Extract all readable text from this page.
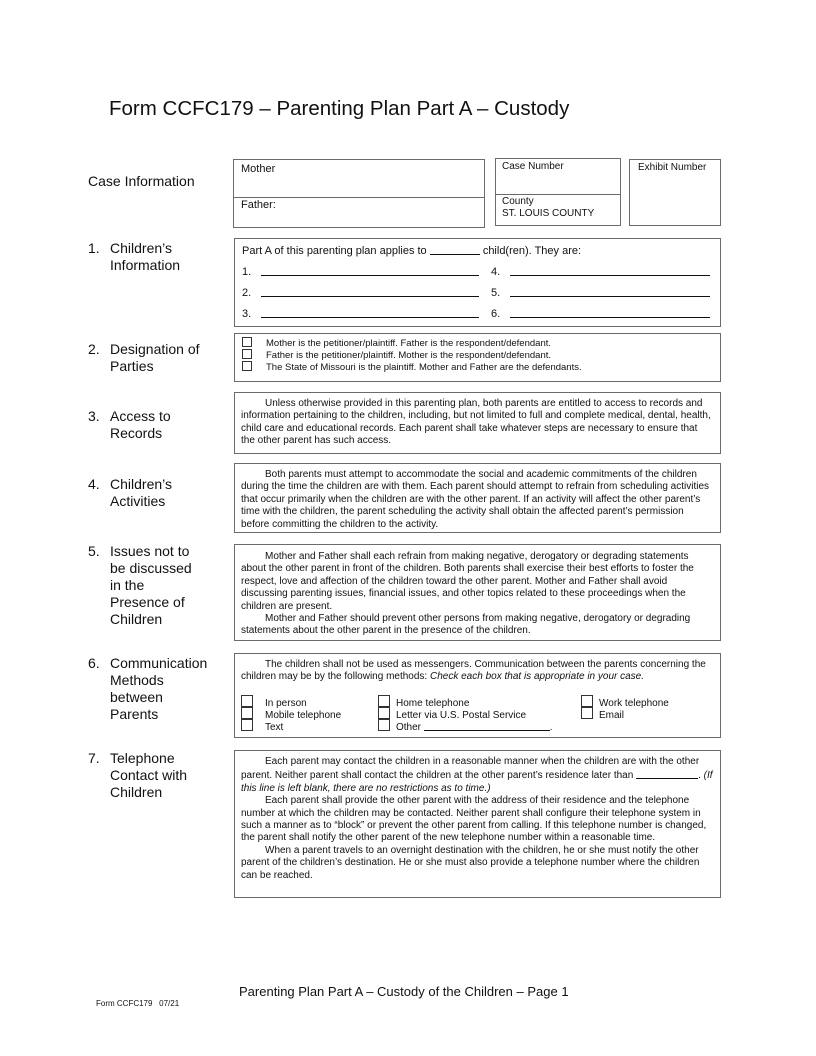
Form CCFC179 – Parenting Plan Part A – Custody
Case Information
Mother
Father:
Case Number
County
ST. LOUIS COUNTY
Exhibit Number
1. Children’s
Information
Part A of this parenting plan applies to	child(ren). They are:
1.
2.
3.
4.
5.
6.
2. Designation of
Parties
Mother is the petitioner/plaintiff. Father is the respondent/defendant.
Father is the petitioner/plaintiff. Mother is the respondent/defendant.
The State of Missouri is the plaintiff. Mother and Father are the defendants.
3. Access to
Records
Unless otherwise provided in this parenting plan, both parents are entitled to access to records and information pertaining to the children, including, but not limited to full and complete medical, dental, health, child care and educational records. Each parent shall take whatever steps are necessary to ensure that the other parent has such access.
4. Children’s
Activities
Both parents must attempt to accommodate the social and academic commitments of the children during the time the children are with them. Each parent should attempt to refrain from scheduling activities that occur primarily when the children are with the other parent. If an activity will affect the other parent’s time with the children, the parent scheduling the activity shall obtain the affected parent’s permission before committing the children to the activity.
5. Issues not to
be discussed
in the
Presence of
Children
Mother and Father shall each refrain from making negative, derogatory or degrading statements about the other parent in front of the children. Both parents shall exercise their best efforts to foster the respect, love and affection of the children toward the other parent. Mother and Father shall avoid discussing parenting issues, financial issues, and other topics related to these proceedings when the children are present.
Mother and Father should prevent other persons from making negative, derogatory or degrading statements about the other parent in the presence of the children.
6. Communication
Methods
between
Parents
The children shall not be used as messengers. Communication between the parents concerning the children may be by the following methods: Check each box that is appropriate in your case.
In person
Mobile telephone
Text
Home telephone
Letter via U.S. Postal Service
Other	.
Work telephone
Email
7. Telephone
Contact with
Children
Each parent may contact the children in a reasonable manner when the children are with the other parent. Neither parent shall contact the children at the other parent’s residence later than	. (If this line is left blank, there are no restrictions as to time.)
Each parent shall provide the other parent with the address of their residence and the telephone number at which the children may be contacted. Neither parent shall configure their telephone system in such a manner as to “block” or prevent the other parent from calling. If this telephone number is changed, the parent shall notify the other parent of the new telephone number within a reasonable time.
When a parent travels to an overnight destination with the children, he or she must notify the other parent of the children’s destination. He or she must also provide a telephone number where the children can be reached.
Parenting Plan Part A – Custody of the Children – Page 1
Form CCFC179   07/21
